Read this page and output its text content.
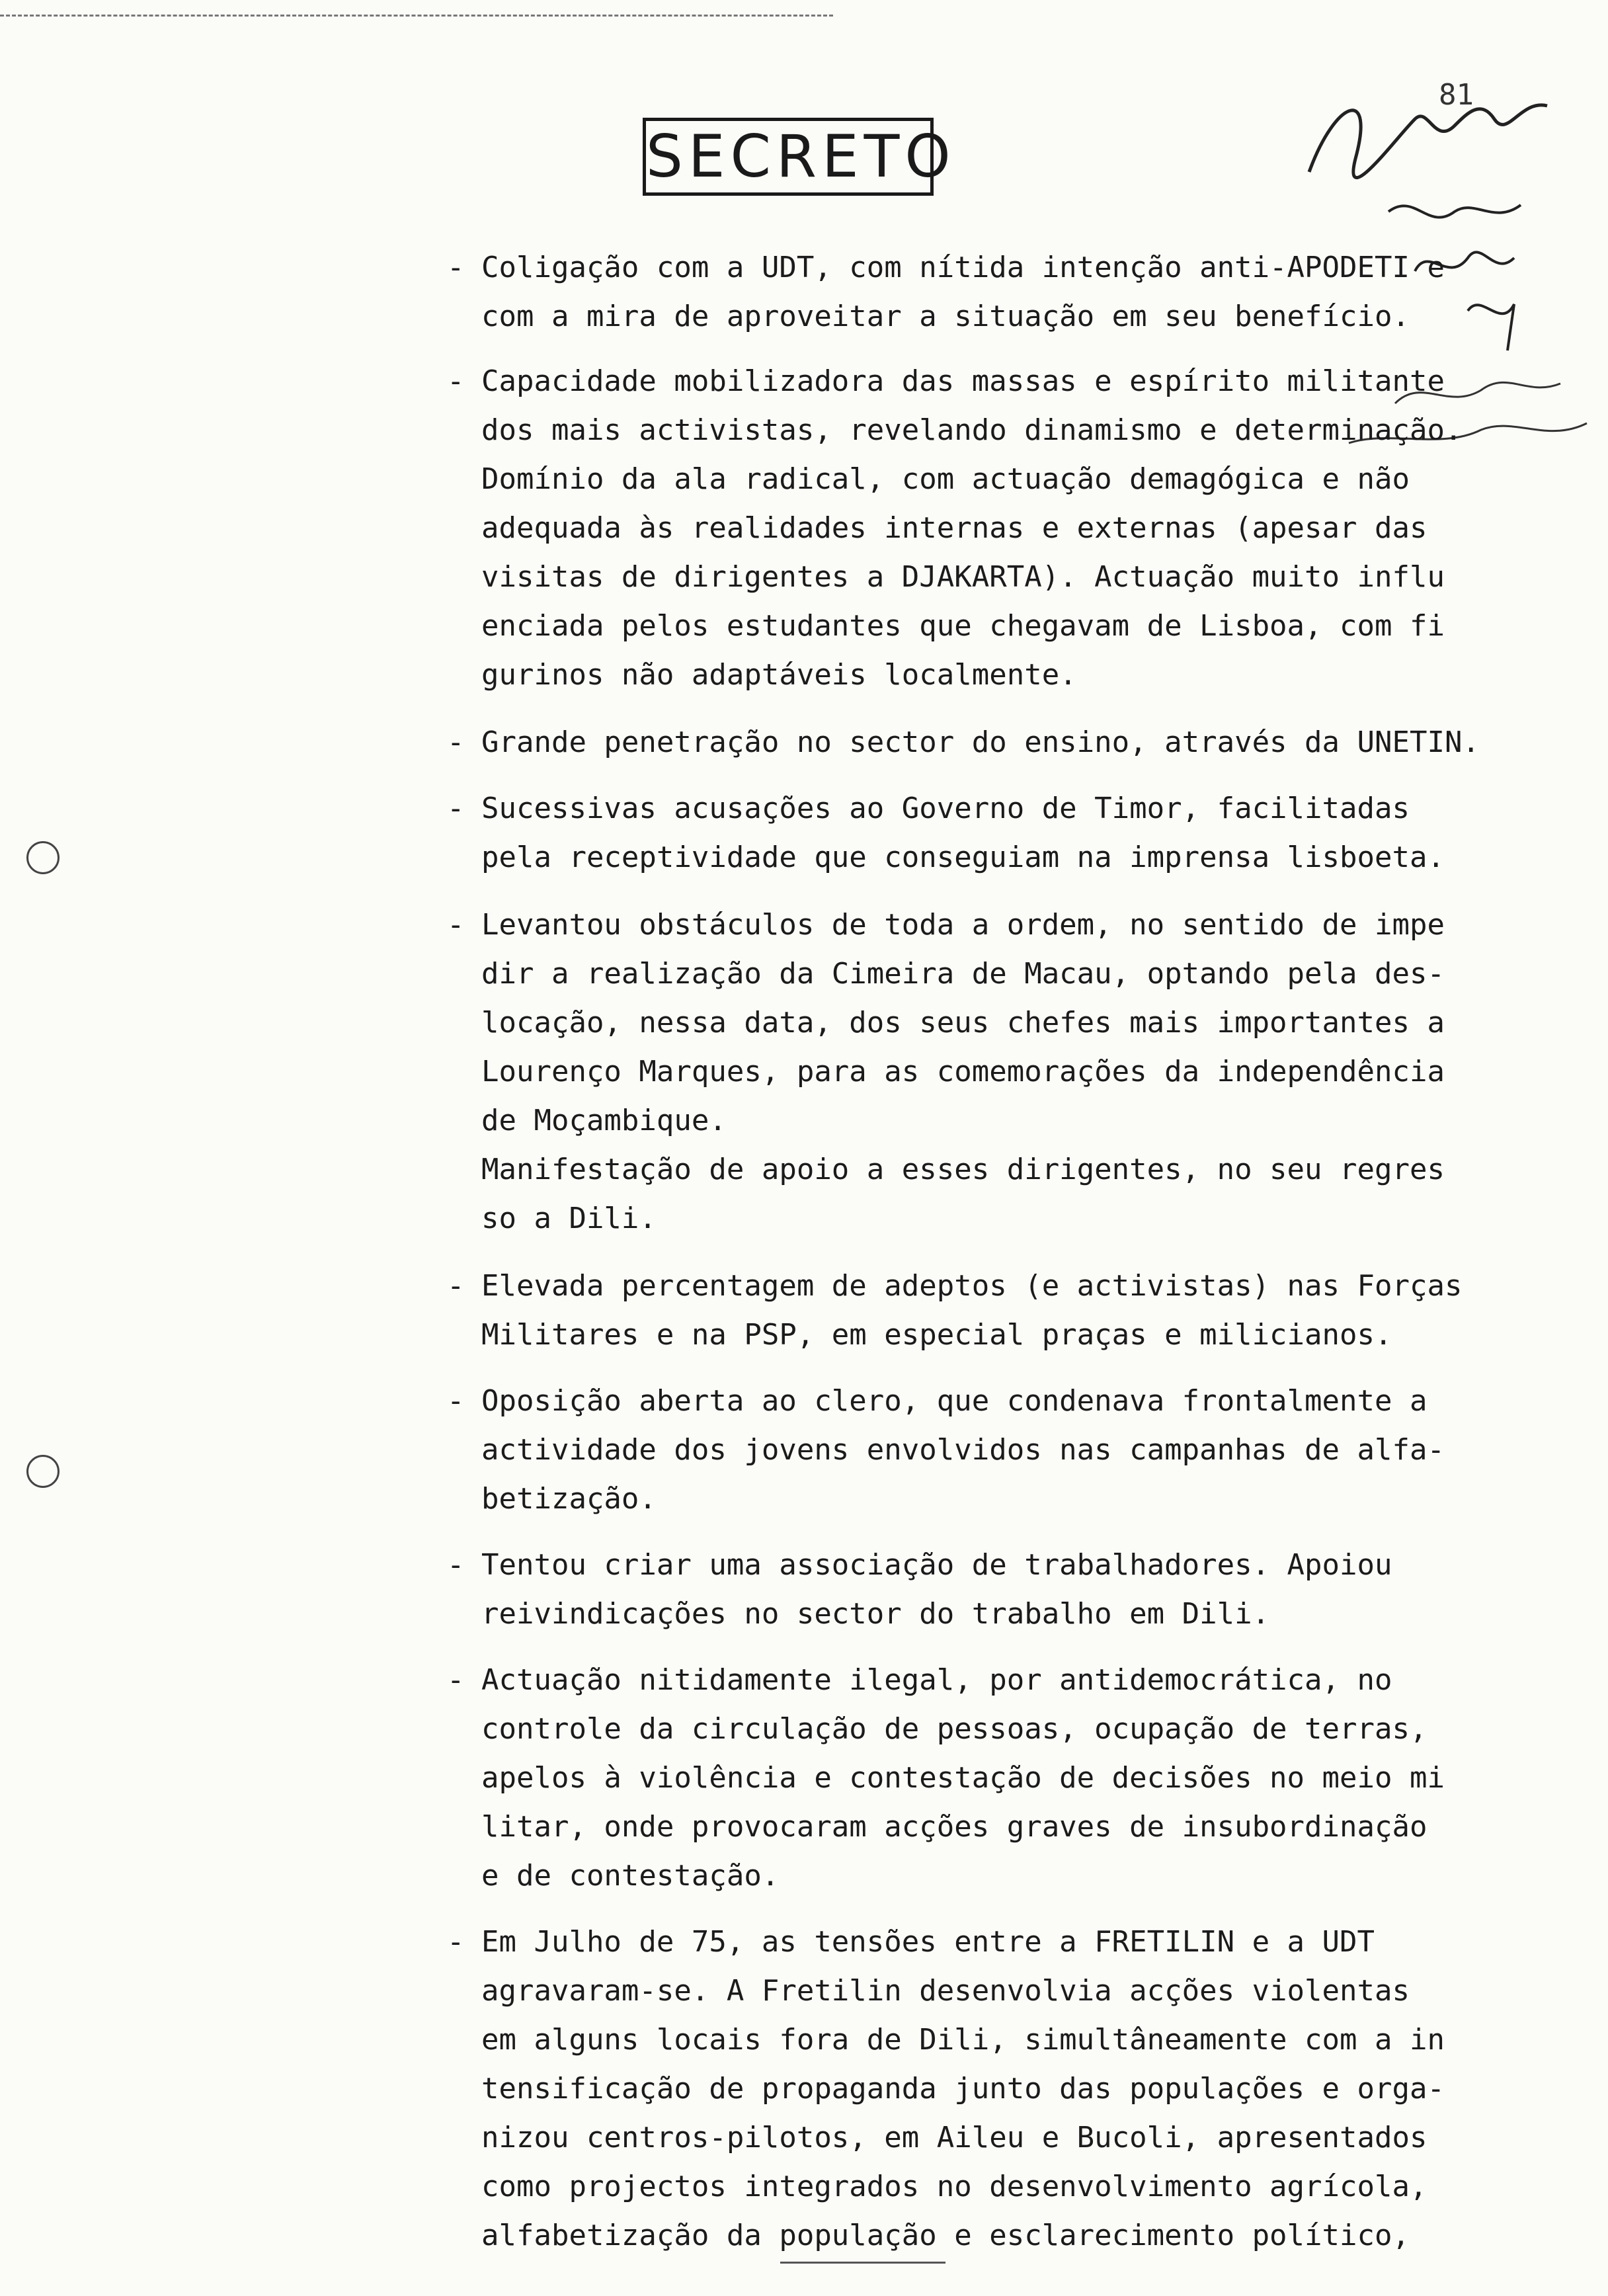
SECRETO
81
- Coligação com a UDT, com nítida intenção anti-APODETI e
com a mira de aproveitar a situação em seu benefício.
- Capacidade mobilizadora das massas e espírito militante
dos mais activistas, revelando dinamismo e determinação.
Domínio da ala radical, com actuação demagógica e não
adequada às realidades internas e externas (apesar das
visitas de dirigentes a DJAKARTA). Actuação muito influ
enciada pelos estudantes que chegavam de Lisboa, com fi
gurinos não adaptáveis localmente.
- Grande penetração no sector do ensino, através da UNETIN.
- Sucessivas acusações ao Governo de Timor, facilitadas
pela receptividade que conseguiam na imprensa lisboeta.
- Levantou obstáculos de toda a ordem, no sentido de impe
dir a realização da Cimeira de Macau, optando pela des-
locação, nessa data, dos seus chefes mais importantes a
Lourenço Marques, para as comemorações da independência
de Moçambique.
Manifestação de apoio a esses dirigentes, no seu regres
so a Dili.
- Elevada percentagem de adeptos (e activistas) nas Forças
Militares e na PSP, em especial praças e milicianos.
- Oposição aberta ao clero, que condenava frontalmente a
actividade dos jovens envolvidos nas campanhas de alfa-
betização.
- Tentou criar uma associação de trabalhadores. Apoiou
reivindicações no sector do trabalho em Dili.
- Actuação nitidamente ilegal, por antidemocrática, no
controle da circulação de pessoas, ocupação de terras,
apelos à violência e contestação de decisões no meio mi
litar, onde provocaram acções graves de insubordinação
e de contestação.
- Em Julho de 75, as tensões entre a FRETILIN e a UDT
agravaram-se. A Fretilin desenvolvia acções violentas
em alguns locais fora de Dili, simultâneamente com a in
tensificação de propaganda junto das populações e orga-
nizou centros-pilotos, em Aileu e Bucoli, apresentados
como projectos integrados no desenvolvimento agrícola,
alfabetização da população e esclarecimento político,
